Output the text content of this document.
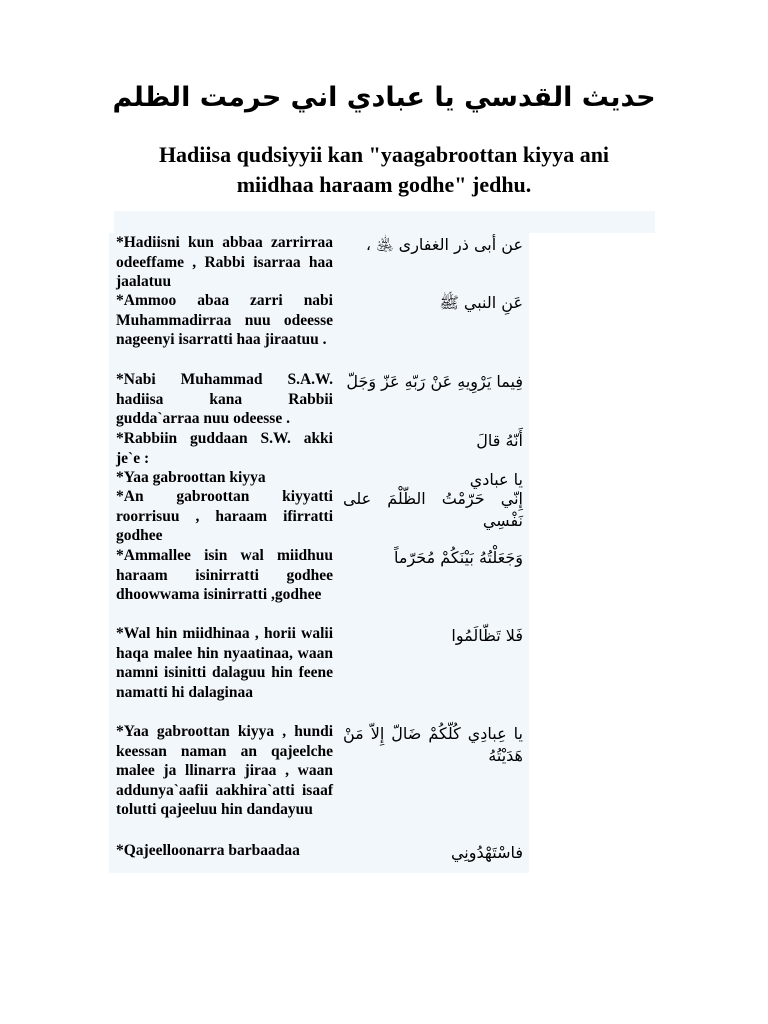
حديث القدسي يا عبادي اني حرمت الظلم
Hadiisa qudsiyyii kan "yaagabroottan kiyya ani miidhaa haraam godhe" jedhu.
*Hadiisni kun abbaa zarrirraa odeeffame , Rabbi isarraa haa jaalatuu
عن أبى ذر الغفارى ﵁ ،
*Ammoo abaa zarri nabi Muhammadirraa nuu odeesse nageenyi isarratti haa jiraatuu .
عَنِ النبي ﷺ
*Nabi Muhammad S.A.W. hadiisa kana Rabbii gudda`arraa nuu odeesse .
فِيما يَرْوِيهِ عَنْ رَبّهِ عَزّ وَجَلّ
*Rabbiin guddaan S.W. akki je`e :
أَنّهُ قالَ
*Yaa gabroottan kiyya	يا عبادي
*An gabroottan kiyyatti roorrisuu , haraam ifirratti godhee
إِنّي حَرّمْتُ الظّلْمَ على نَفْسِي
*Ammallee isin wal miidhuu haraam isinirratti godhee dhoowwama isinirratti ,godhee
وَجَعَلْتُهُ بَيْنَكُمْ مُحَرّماً
*Wal hin miidhinaa , horii walii haqa malee hin nyaatinaa, waan namni isinitti dalaguu hin feene namatti hi dalaginaa
فَلا تَظّالَمُوا
*Yaa gabroottan kiyya , hundi keessan naman an qajeelche malee ja llinarra jiraa , waan addunya`aafii aakhira`atti isaaf tolutti qajeeluu hin dandayuu
يا عِبادِي كُلّكُمْ ضَالّ إِلاّ مَنْ هَدَيْتُهُ
*Qajeelloonarra barbaadaa	فاسْتَهْدُونِي
